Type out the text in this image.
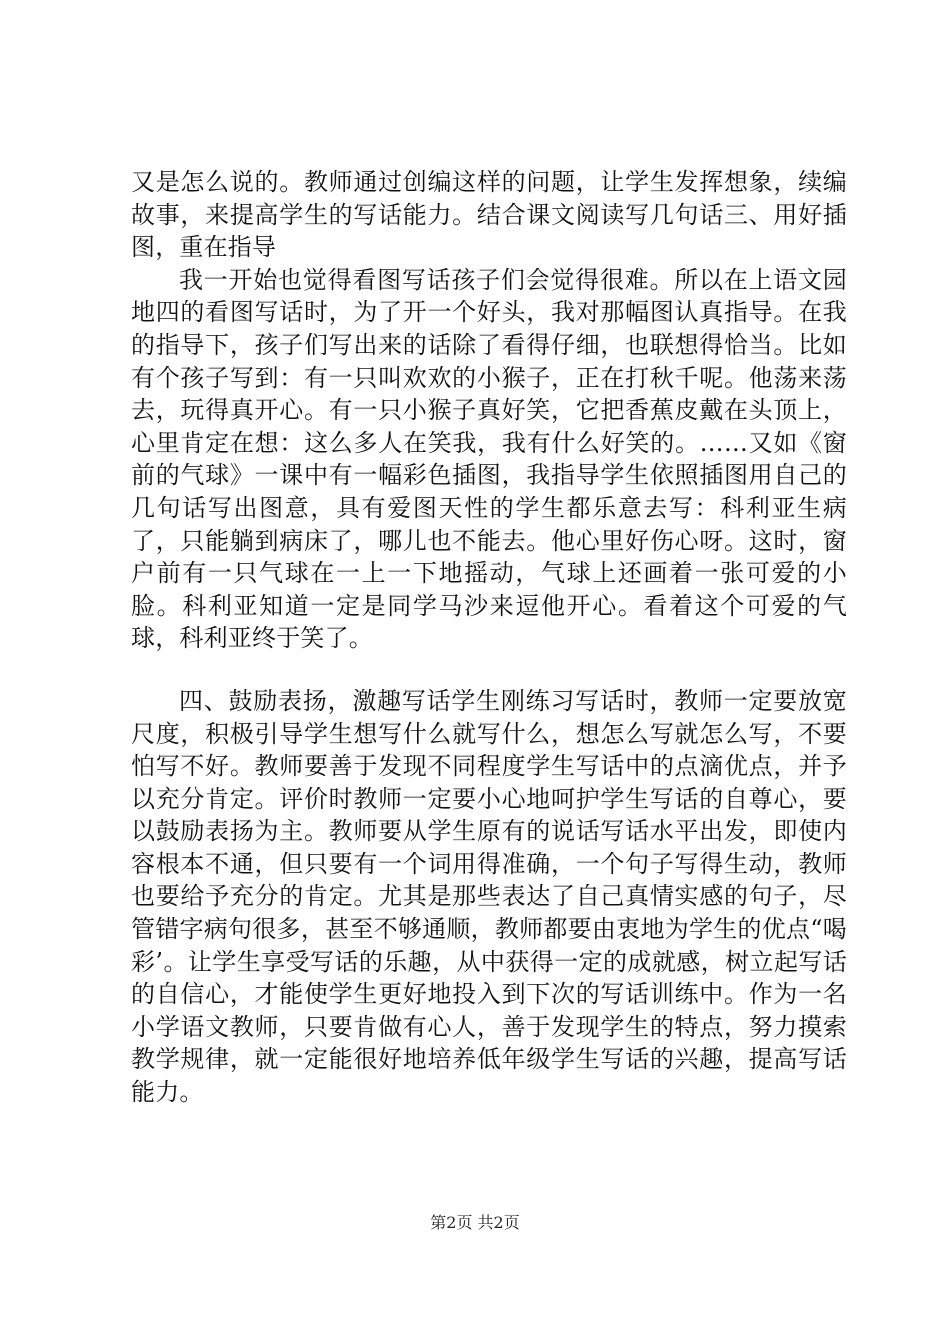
又是怎么说的。教师通过创编这样的问题，让学生发挥想象，续编故事，来提高学生的写话能力。结合课文阅读写几句话三、用好插图，重在指导

我一开始也觉得看图写话孩子们会觉得很难。所以在上语文园地四的看图写话时，为了开一个好头，我对那幅图认真指导。在我的指导下，孩子们写出来的话除了看得仔细，也联想得恰当。比如有个孩子写到：有一只叫欢欢的小猴子，正在打秋千呢。他荡来荡去，玩得真开心。有一只小猴子真好笑，它把香蕉皮戴在头顶上，心里肯定在想：这么多人在笑我，我有什么好笑的。……又如《窗前的气球》一课中有一幅彩色插图，我指导学生依照插图用自己的几句话写出图意，具有爱图天性的学生都乐意去写：科利亚生病了，只能躺到病床了，哪儿也不能去。他心里好伤心呀。这时，窗户前有一只气球在一上一下地摇动，气球上还画着一张可爱的小脸。科利亚知道一定是同学马沙来逗他开心。看着这个可爱的气球，科利亚终于笑了。

四、鼓励表扬，激趣写话学生刚练习写话时，教师一定要放宽尺度，积极引导学生想写什么就写什么，想怎么写就怎么写，不要怕写不好。教师要善于发现不同程度学生写话中的点滴优点，并予以充分肯定。评价时教师一定要小心地呵护学生写话的自尊心，要以鼓励表扬为主。教师要从学生原有的说话写话水平出发，即使内容根本不通，但只要有一个词用得准确，一个句子写得生动，教师也要给予充分的肯定。尤其是那些表达了自己真情实感的句子，尽管错字病句很多，甚至不够通顺，教师都要由衷地为学生的优点“喝彩’。让学生享受写话的乐趣，从中获得一定的成就感，树立起写话的自信心，才能使学生更好地投入到下次的写话训练中。作为一名小学语文教师，只要肯做有心人，善于发现学生的特点，努力摸索教学规律，就一定能很好地培养低年级学生写话的兴趣，提高写话能力。

第2页 共2页
